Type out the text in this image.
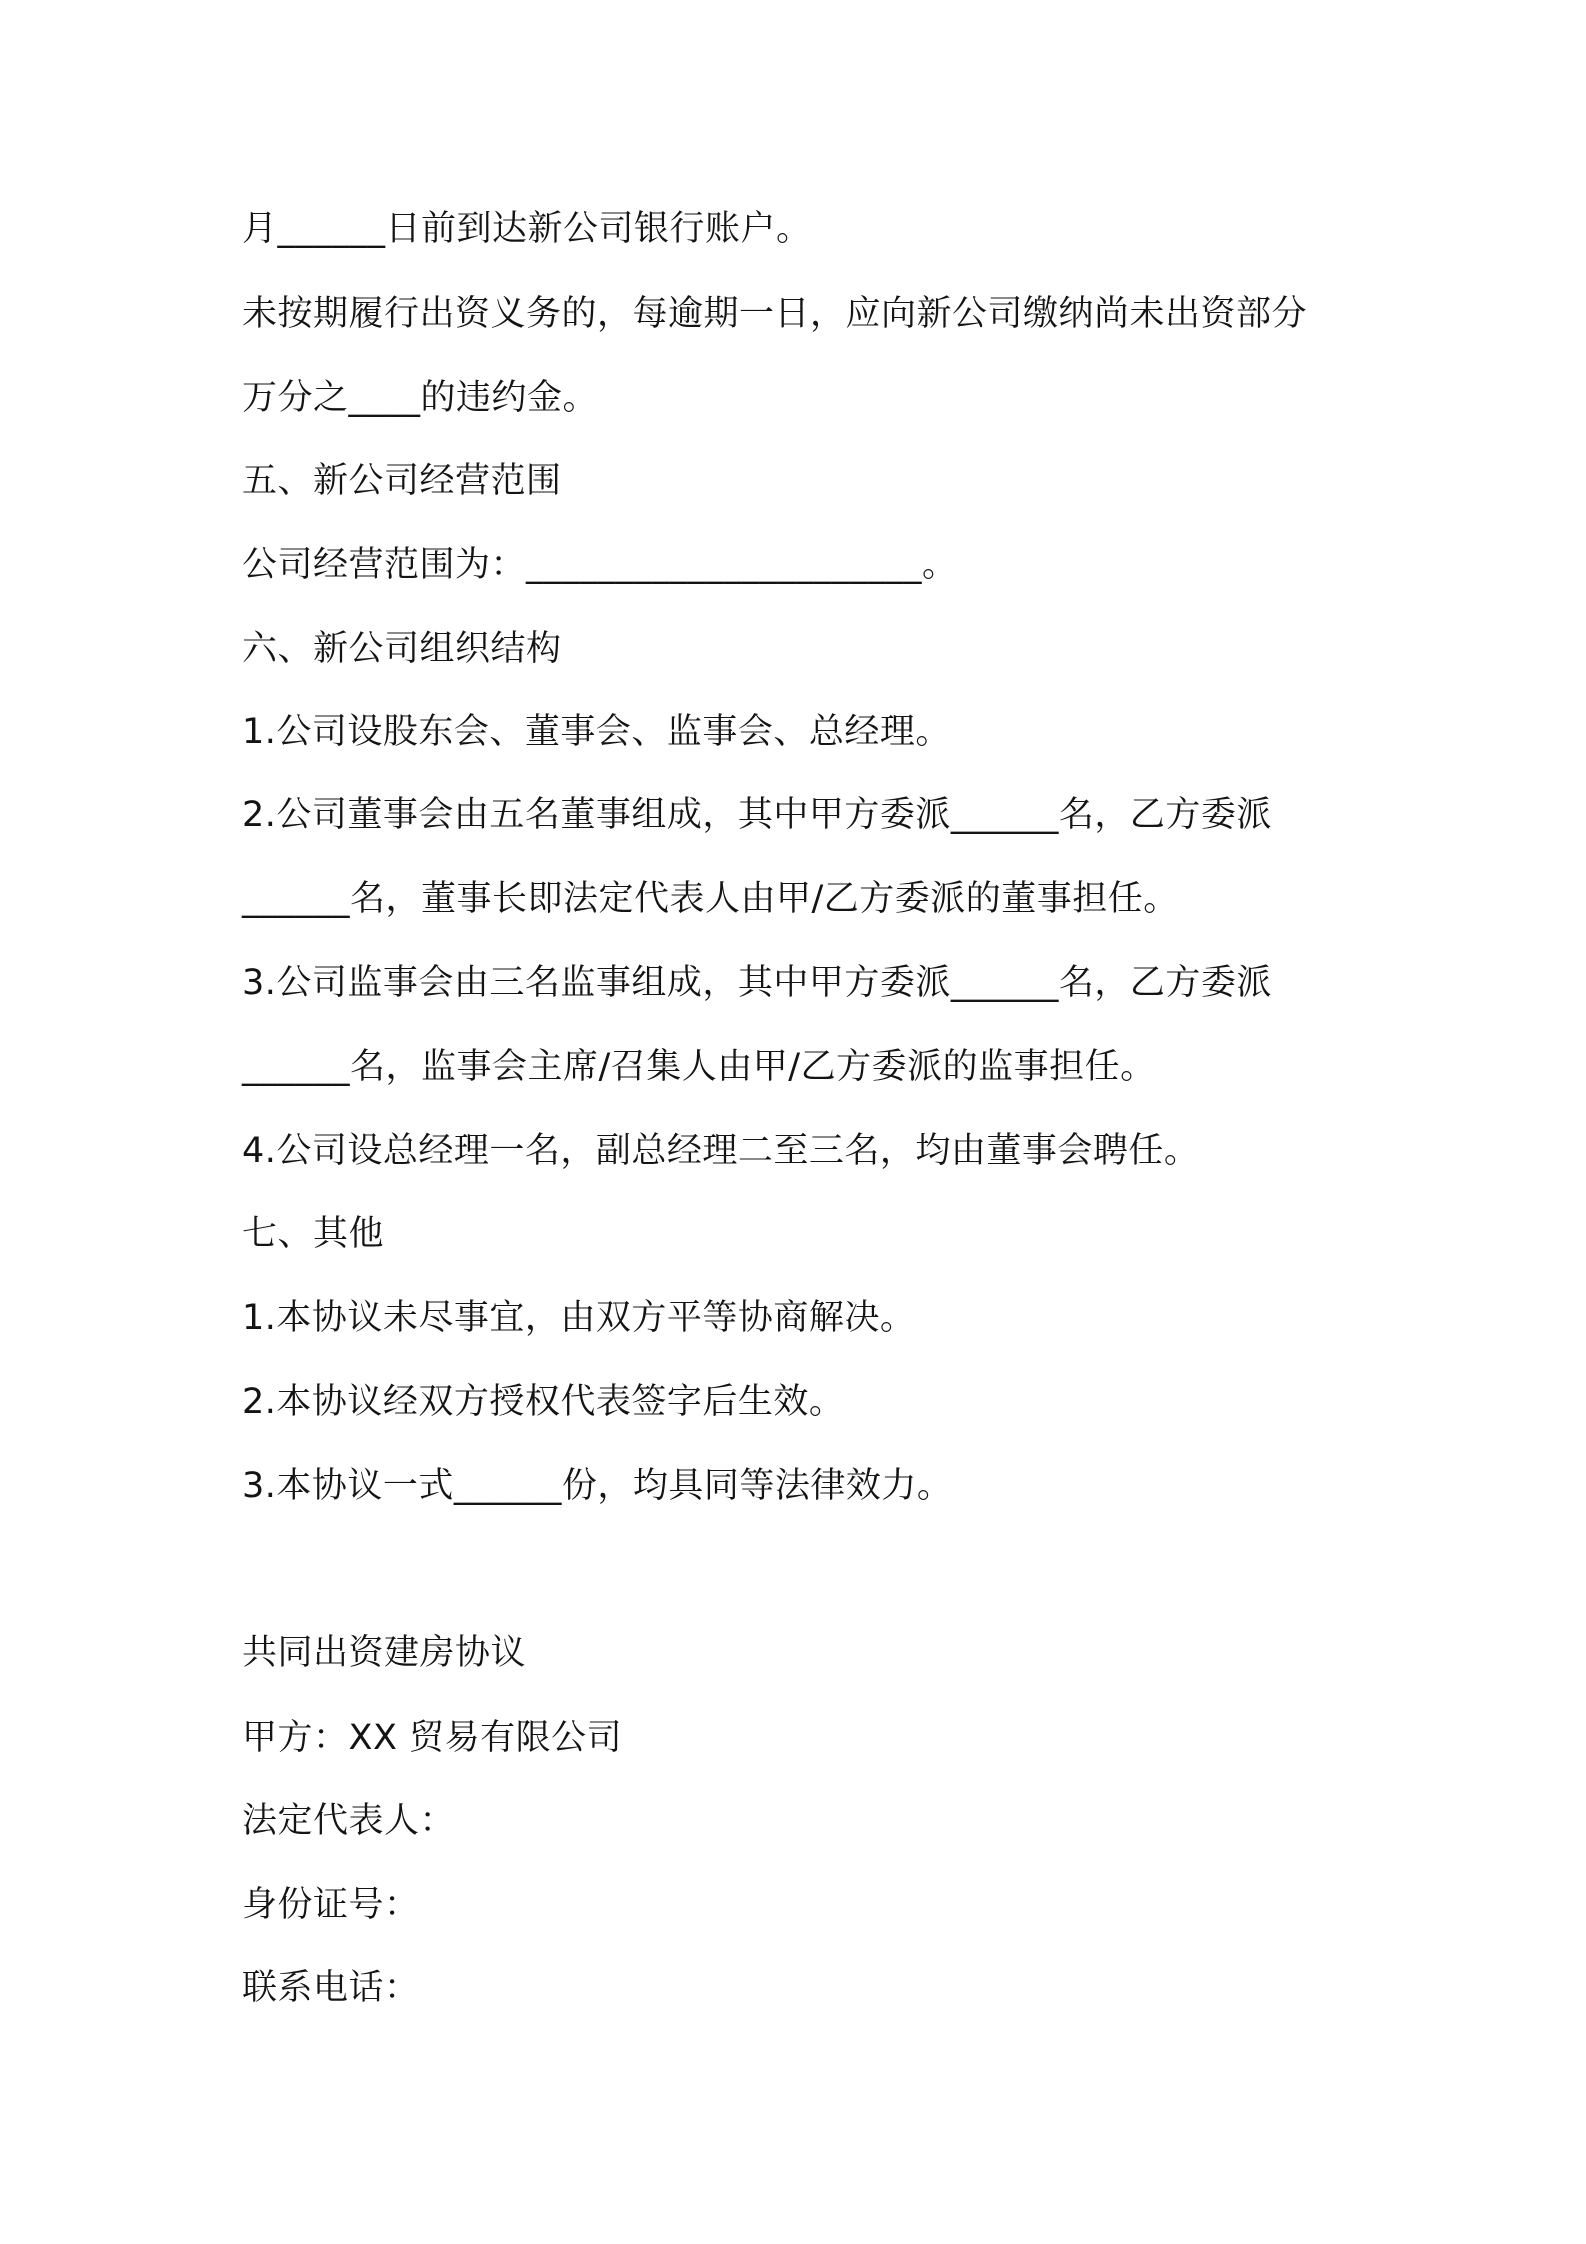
月______日前到达新公司银行账户。

未按期履行出资义务的，每逾期一日，应向新公司缴纳尚未出资部分

万分之____的违约金。

五、新公司经营范围

公司经营范围为：______________________。

六、新公司组织结构

1.公司设股东会、董事会、监事会、总经理。

2.公司董事会由五名董事组成，其中甲方委派______名，乙方委派

______名，董事长即法定代表人由甲/乙方委派的董事担任。

3.公司监事会由三名监事组成，其中甲方委派______名，乙方委派

______名，监事会主席/召集人由甲/乙方委派的监事担任。

4.公司设总经理一名，副总经理二至三名，均由董事会聘任。

七、其他

1.本协议未尽事宜，由双方平等协商解决。

2.本协议经双方授权代表签字后生效。

3.本协议一式______份，均具同等法律效力。

共同出资建房协议

甲方：XX 贸易有限公司

法定代表人：

身份证号：

联系电话：
